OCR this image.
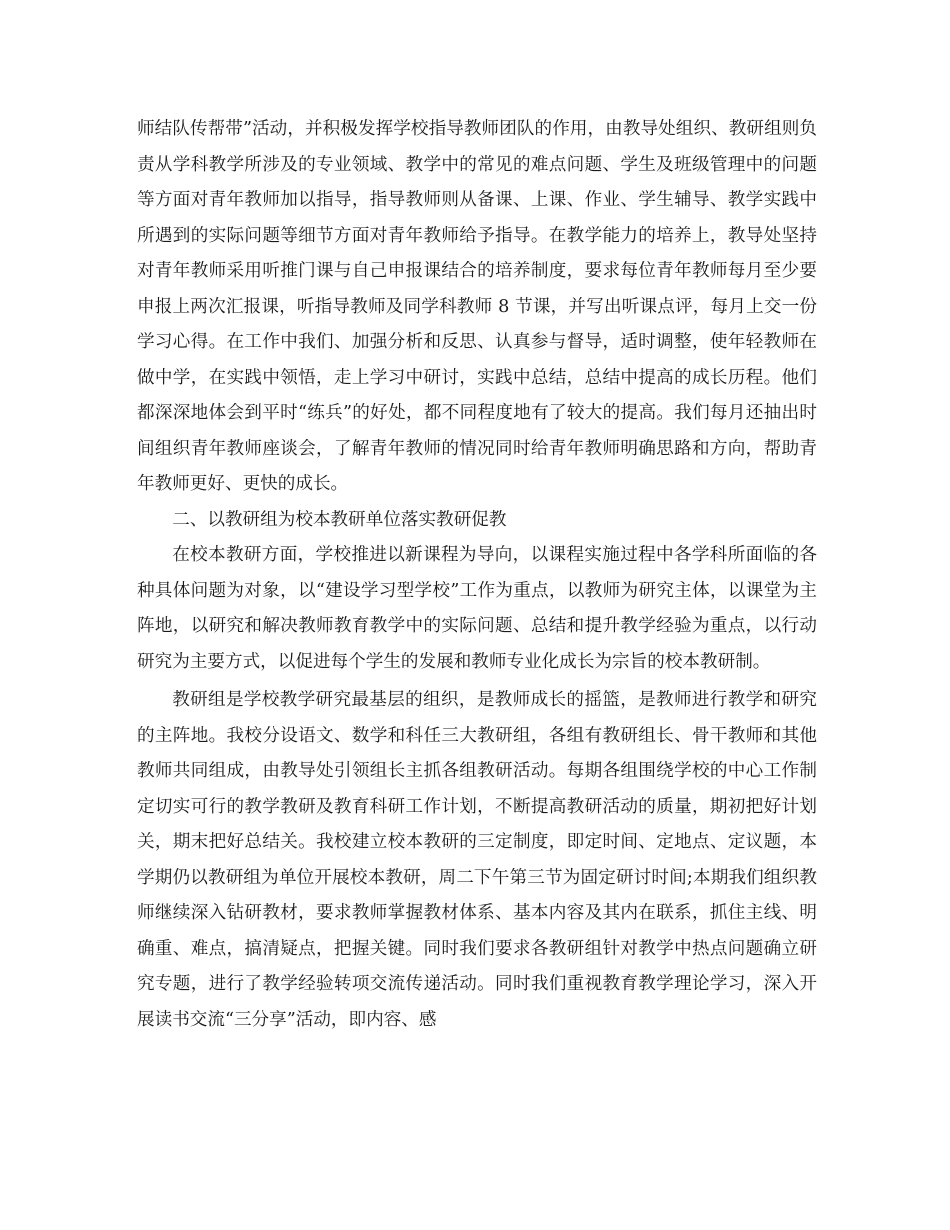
师结队传帮带”活动，并积极发挥学校指导教师团队的作用，由教导处组织、教研组则负责从学科教学所涉及的专业领域、教学中的常见的难点问题、学生及班级管理中的问题等方面对青年教师加以指导，指导教师则从备课、上课、作业、学生辅导、教学实践中所遇到的实际问题等细节方面对青年教师给予指导。在教学能力的培养上，教导处坚持对青年教师采用听推门课与自己申报课结合的培养制度，要求每位青年教师每月至少要申报上两次汇报课，听指导教师及同学科教师 8 节课，并写出听课点评，每月上交一份学习心得。在工作中我们、加强分析和反思、认真参与督导，适时调整，使年轻教师在做中学，在实践中领悟，走上学习中研讨，实践中总结，总结中提高的成长历程。他们都深深地体会到平时“练兵”的好处，都不同程度地有了较大的提高。我们每月还抽出时间组织青年教师座谈会，了解青年教师的情况同时给青年教师明确思路和方向，帮助青年教师更好、更快的成长。

二、以教研组为校本教研单位落实教研促教

在校本教研方面，学校推进以新课程为导向，以课程实施过程中各学科所面临的各种具体问题为对象，以“建设学习型学校”工作为重点，以教师为研究主体，以课堂为主阵地，以研究和解决教师教育教学中的实际问题、总结和提升教学经验为重点，以行动研究为主要方式，以促进每个学生的发展和教师专业化成长为宗旨的校本教研制。

教研组是学校教学研究最基层的组织，是教师成长的摇篮，是教师进行教学和研究的主阵地。我校分设语文、数学和科任三大教研组，各组有教研组长、骨干教师和其他教师共同组成，由教导处引领组长主抓各组教研活动。每期各组围绕学校的中心工作制定切实可行的教学教研及教育科研工作计划，不断提高教研活动的质量，期初把好计划关，期末把好总结关。我校建立校本教研的三定制度，即定时间、定地点、定议题，本学期仍以教研组为单位开展校本教研，周二下午第三节为固定研讨时间;本期我们组织教师继续深入钻研教材，要求教师掌握教材体系、基本内容及其内在联系，抓住主线、明确重、难点，搞清疑点，把握关键。同时我们要求各教研组针对教学中热点问题确立研究专题，进行了教学经验转项交流传递活动。同时我们重视教育教学理论学习，深入开展读书交流“三分享”活动，即内容、感
